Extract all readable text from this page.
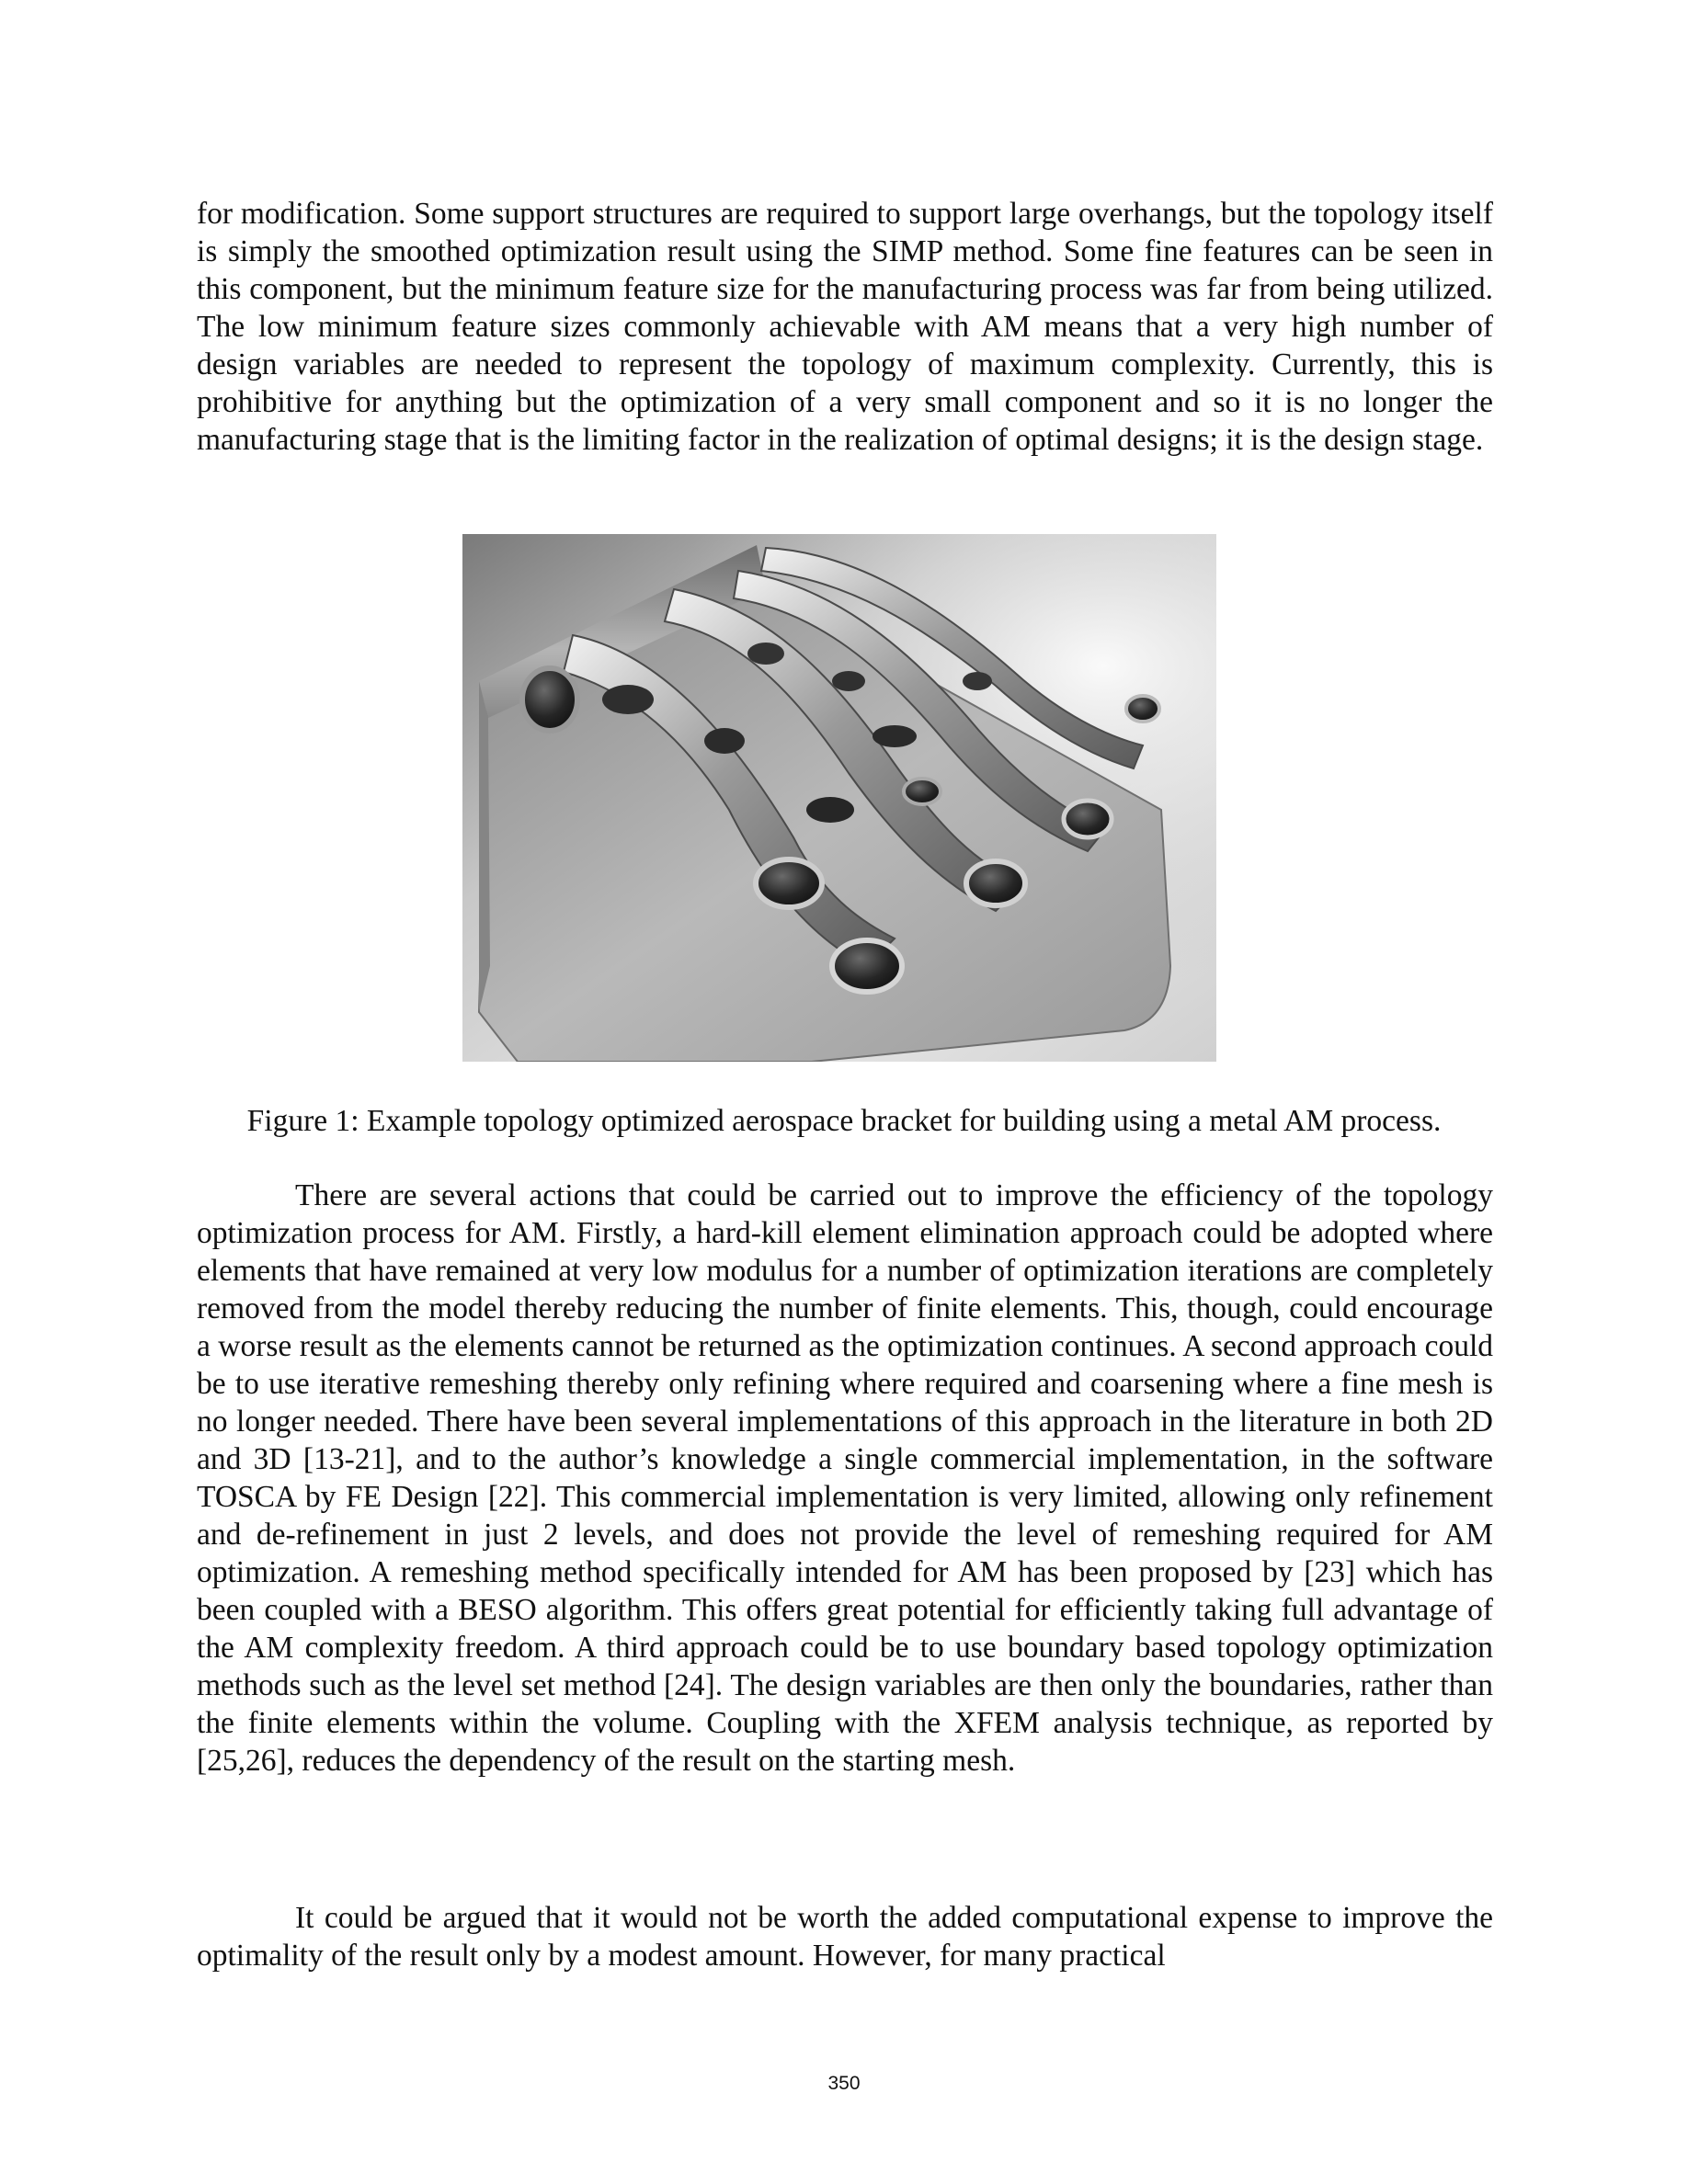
for modification. Some support structures are required to support large overhangs, but the topology itself is simply the smoothed optimization result using the SIMP method. Some fine features can be seen in this component, but the minimum feature size for the manufacturing process was far from being utilized. The low minimum feature sizes commonly achievable with AM means that a very high number of design variables are needed to represent the topology of maximum complexity. Currently, this is prohibitive for anything but the optimization of a very small component and so it is no longer the manufacturing stage that is the limiting factor in the realization of optimal designs; it is the design stage.

Figure 1: Example topology optimized aerospace bracket for building using a metal AM process.

There are several actions that could be carried out to improve the efficiency of the topology optimization process for AM. Firstly, a hard-kill element elimination approach could be adopted where elements that have remained at very low modulus for a number of optimization iterations are completely removed from the model thereby reducing the number of finite elements. This, though, could encourage a worse result as the elements cannot be returned as the optimization continues. A second approach could be to use iterative remeshing thereby only refining where required and coarsening where a fine mesh is no longer needed. There have been several implementations of this approach in the literature in both 2D and 3D [13-21], and to the author’s knowledge a single commercial implementation, in the software TOSCA by FE Design [22]. This commercial implementation is very limited, allowing only refinement and de-refinement in just 2 levels, and does not provide the level of remeshing required for AM optimization. A remeshing method specifically intended for AM has been proposed by [23] which has been coupled with a BESO algorithm. This offers great potential for efficiently taking full advantage of the AM complexity freedom. A third approach could be to use boundary based topology optimization methods such as the level set method [24]. The design variables are then only the boundaries, rather than the finite elements within the volume. Coupling with the XFEM analysis technique, as reported by [25,26], reduces the dependency of the result on the starting mesh.

It could be argued that it would not be worth the added computational expense to improve the optimality of the result only by a modest amount. However, for many practical

350
